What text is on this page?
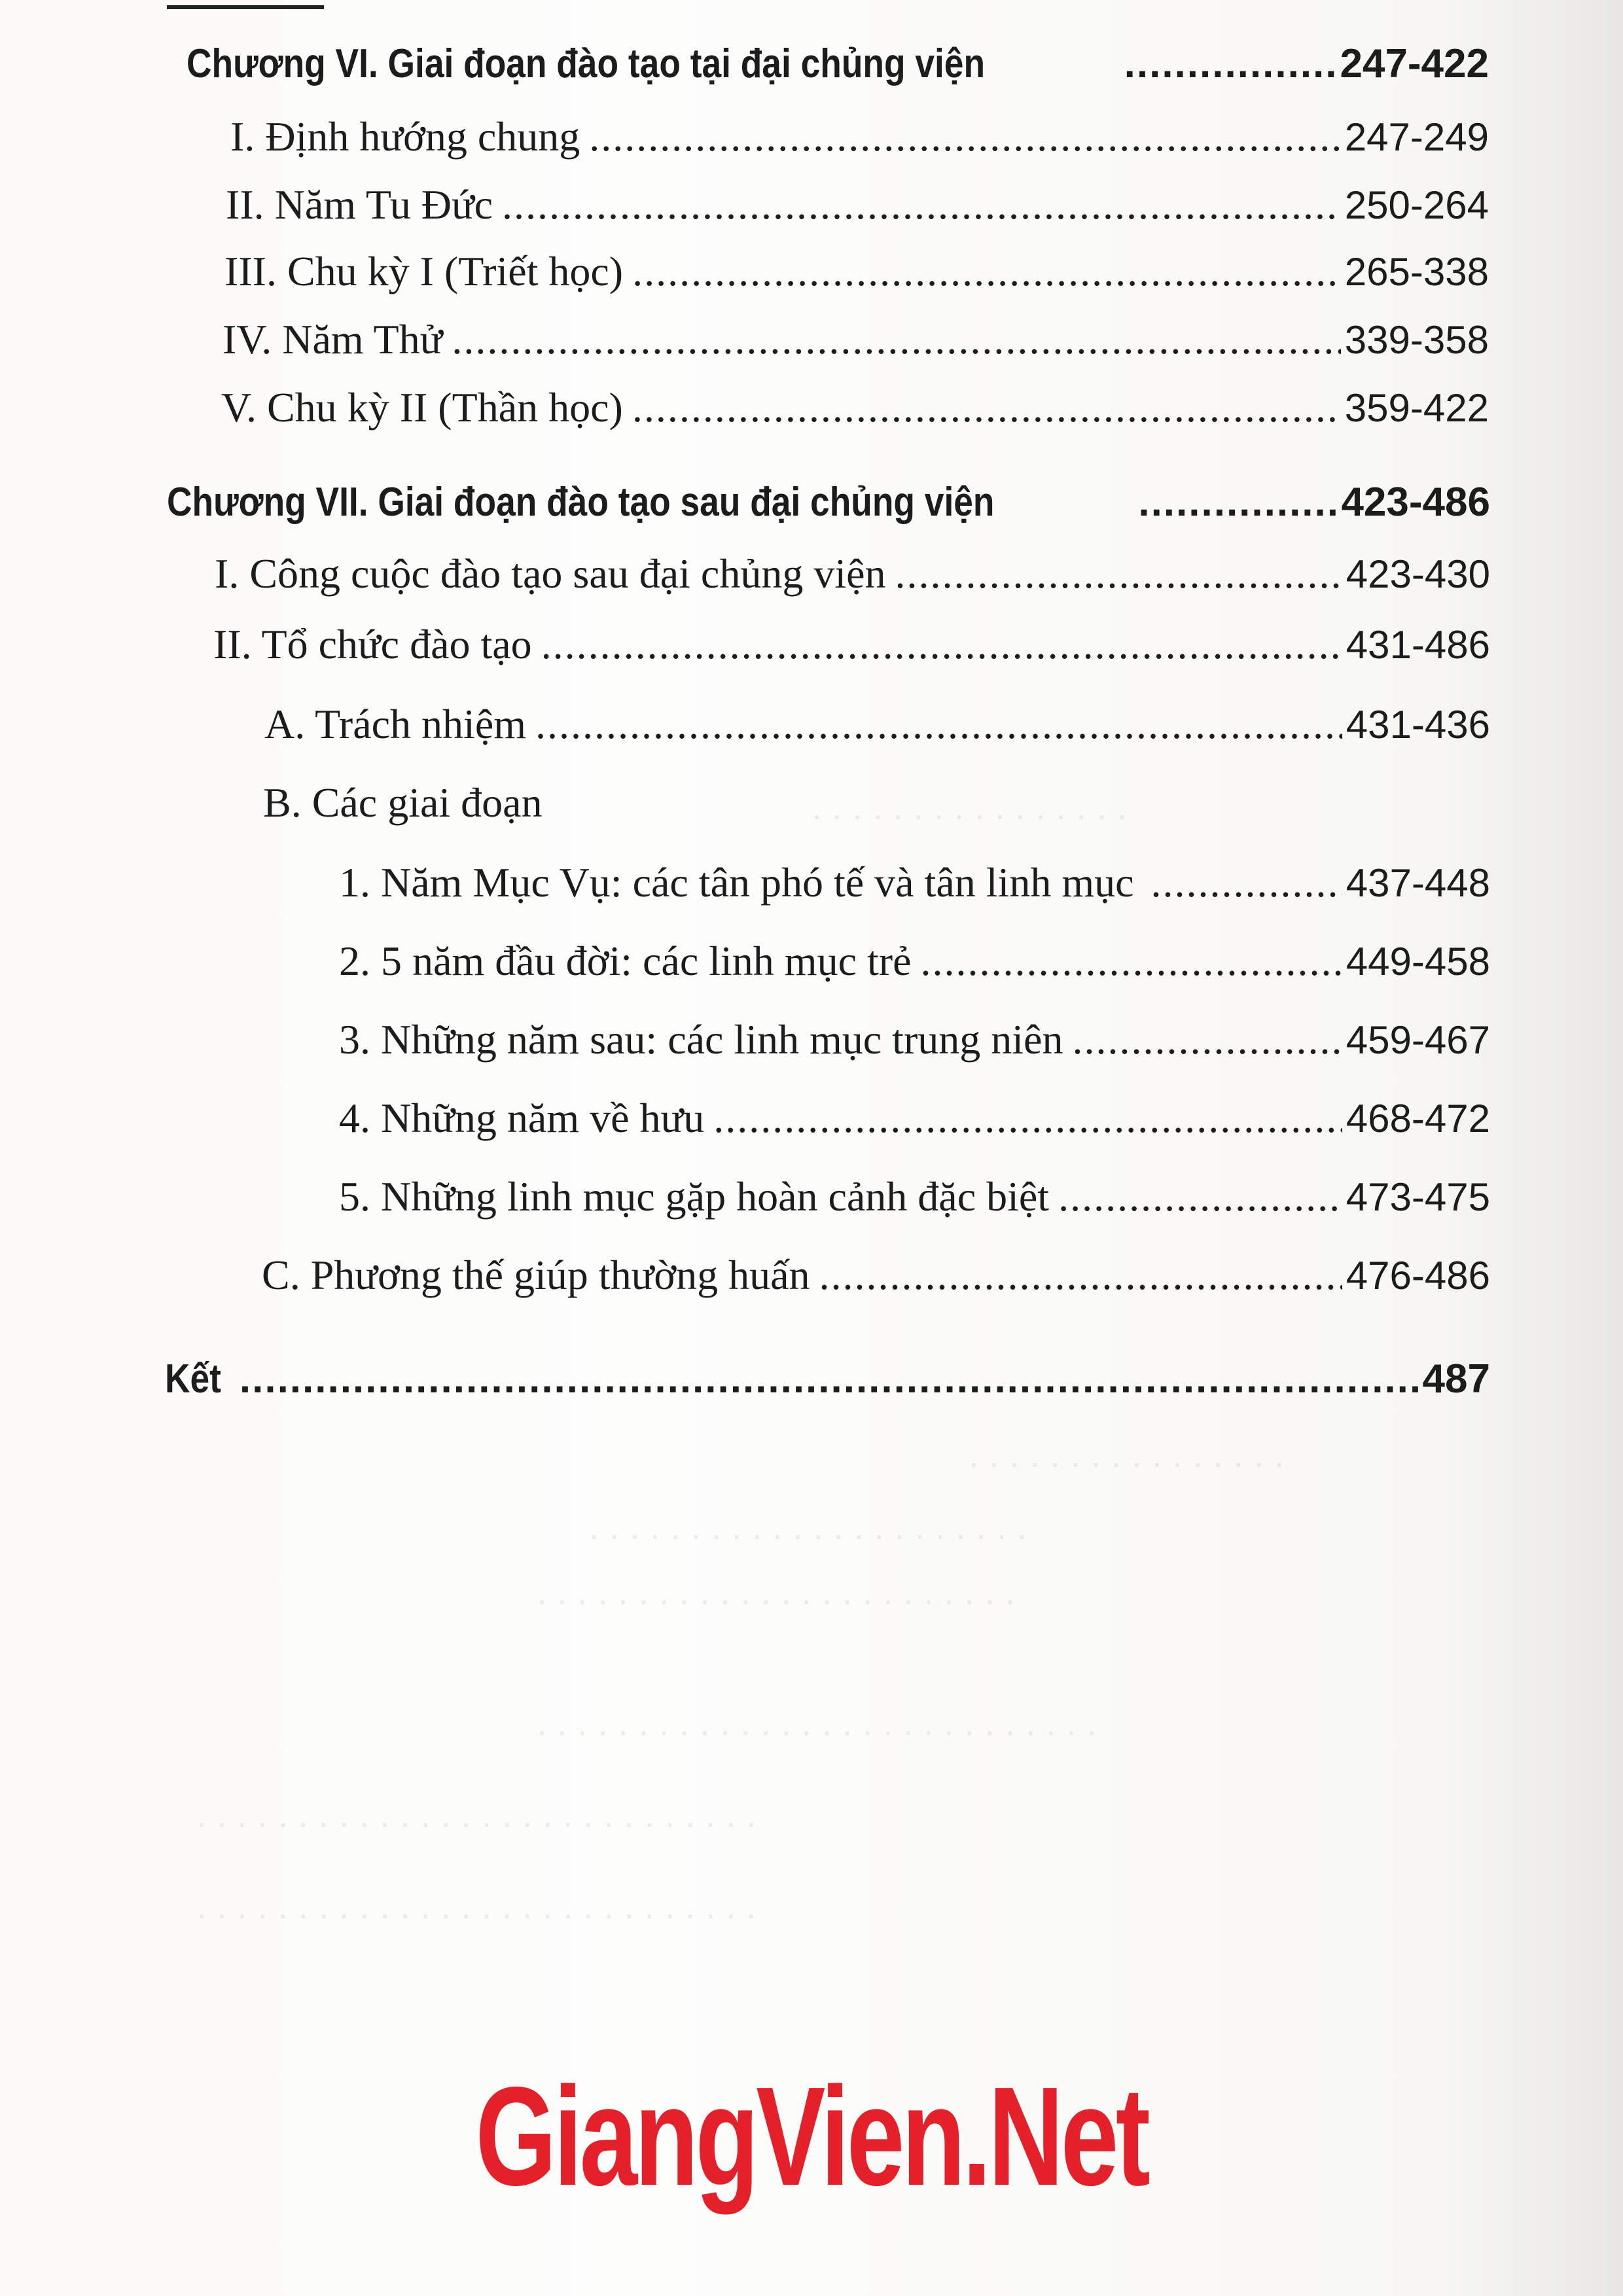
Chương VI. Giai đoạn đào tạo tại đại chủng viện .....	247-422
I. Định hướng chung .....	247-249
II. Năm Tu Đức .....	250-264
III. Chu kỳ I (Triết học) .....	265-338
IV. Năm Thử .....	339-358
V. Chu kỳ II (Thần học) .....	359-422
Chương VII. Giai đoạn đào tạo sau đại chủng viện .....	423-486
I. Công cuộc đào tạo sau đại chủng viện .....	423-430
II. Tổ chức đào tạo .....	431-486
A. Trách nhiệm .....	431-436
B. Các giai đoạn
1. Năm Mục Vụ: các tân phó tế và tân linh mục .....	437-448
2. 5 năm đầu đời: các linh mục trẻ .....	449-458
3. Những năm sau: các linh mục trung niên .....	459-467
4. Những năm về hưu .....	468-472
5. Những linh mục gặp hoàn cảnh đặc biệt .....	473-475
C. Phương thế giúp thường huấn .....	476-486
Kết .....	487
. . . . . . . . . . . . . . . .
. . . . . . . . . . . . . . . .
. . . . . . . . . . . . . . . . . . . . . .
. . . . . . . . . . . . . . . . . . . . . . . .
. . . . . . . . . . . . . . . . . . . . . . . . . . . .
. . . . . . . . . . . . . . . . . . . . . . . . . . . .
. . . . . . . . . . . . . . . . . . . . . . . . . . . .
GiangVien.Net
